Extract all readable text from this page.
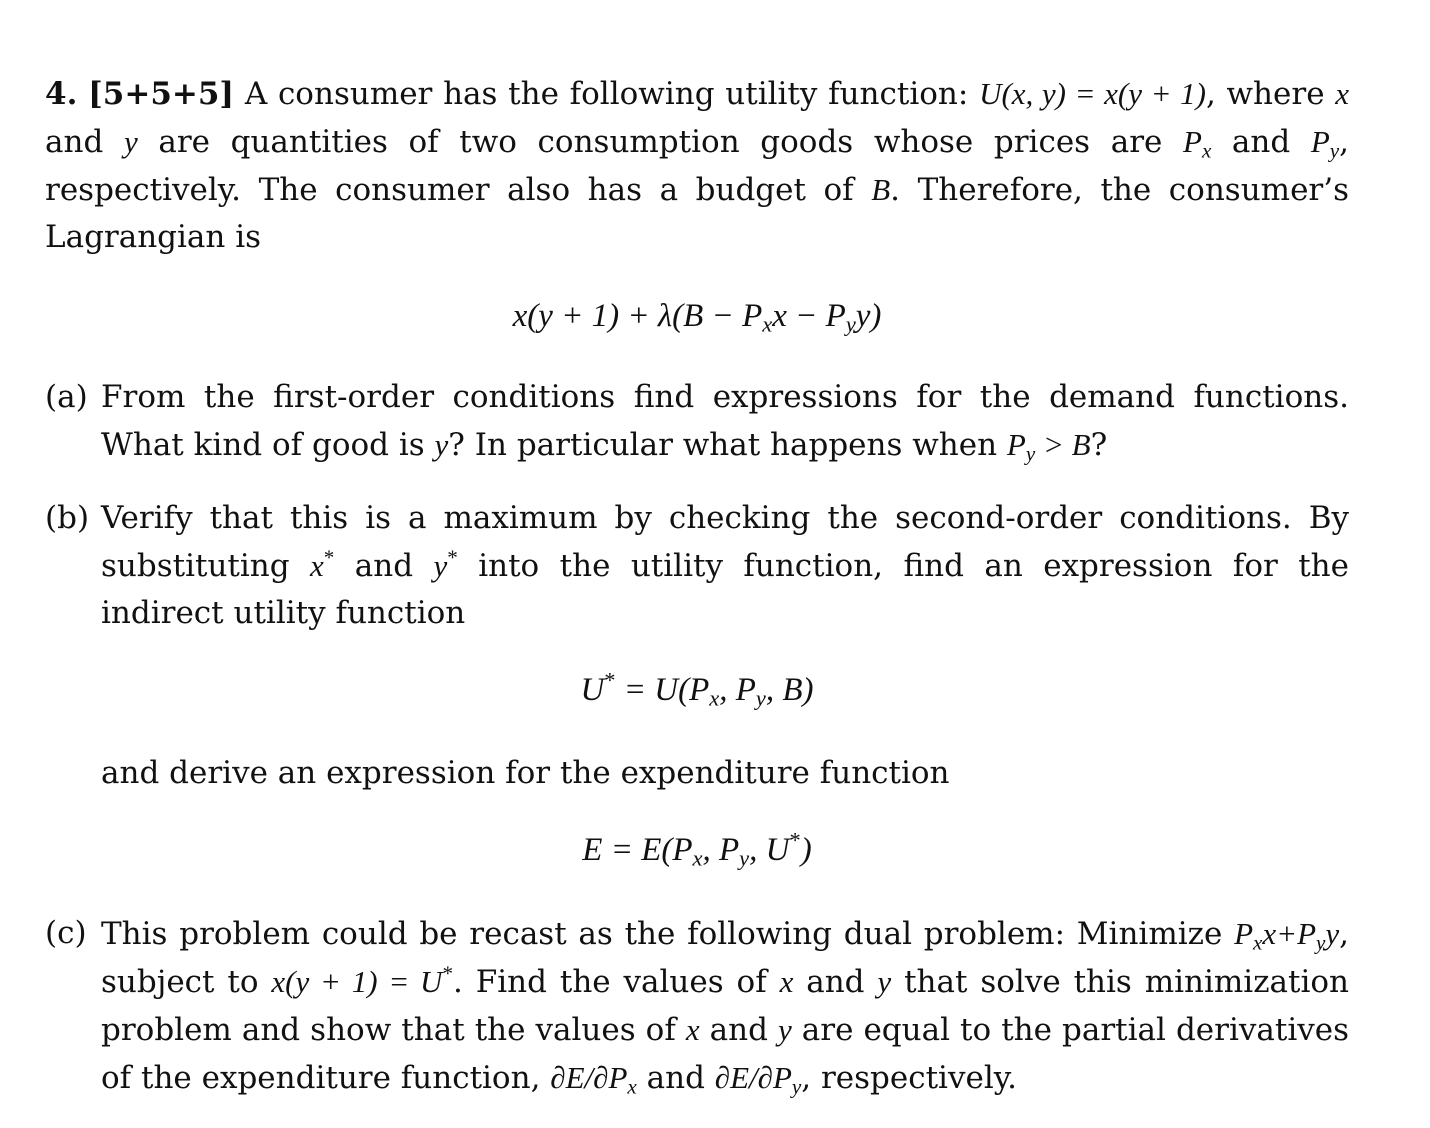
4. [5+5+5] A consumer has the following utility function: U(x, y) = x(y + 1), where x and y are quantities of two consumption goods whose prices are $P_x$ and $P_y$, respectively. The consumer also has a budget of B. Therefore, the consumer’s Lagrangian is

$x(y + 1) + \lambda(B - P_xx - P_yy)$
(a) From the first-order conditions find expressions for the demand functions. What kind of good is y? In particular what happens when $P_y > B$?

(b) Verify that this is a maximum by checking the second-order conditions. By substituting x* and y* into the utility function, find an expression for the indirect utility function

$U^* = U(P_x$, $P_y$, B)

and derive an expression for the expenditure function

$E = E(P_x$, $P_y$, U*)
(c) This problem could be recast as the following dual problem: Minimize $P_xx+P_yy$, subject to x(y + 1) = U*. Find the values of x and y that solve this minimization problem and show that the values of x and y are equal to the partial derivatives of the expenditure function, $\partial E/\partial P_x$ and $\partial E/\partial P_y$, respectively.
